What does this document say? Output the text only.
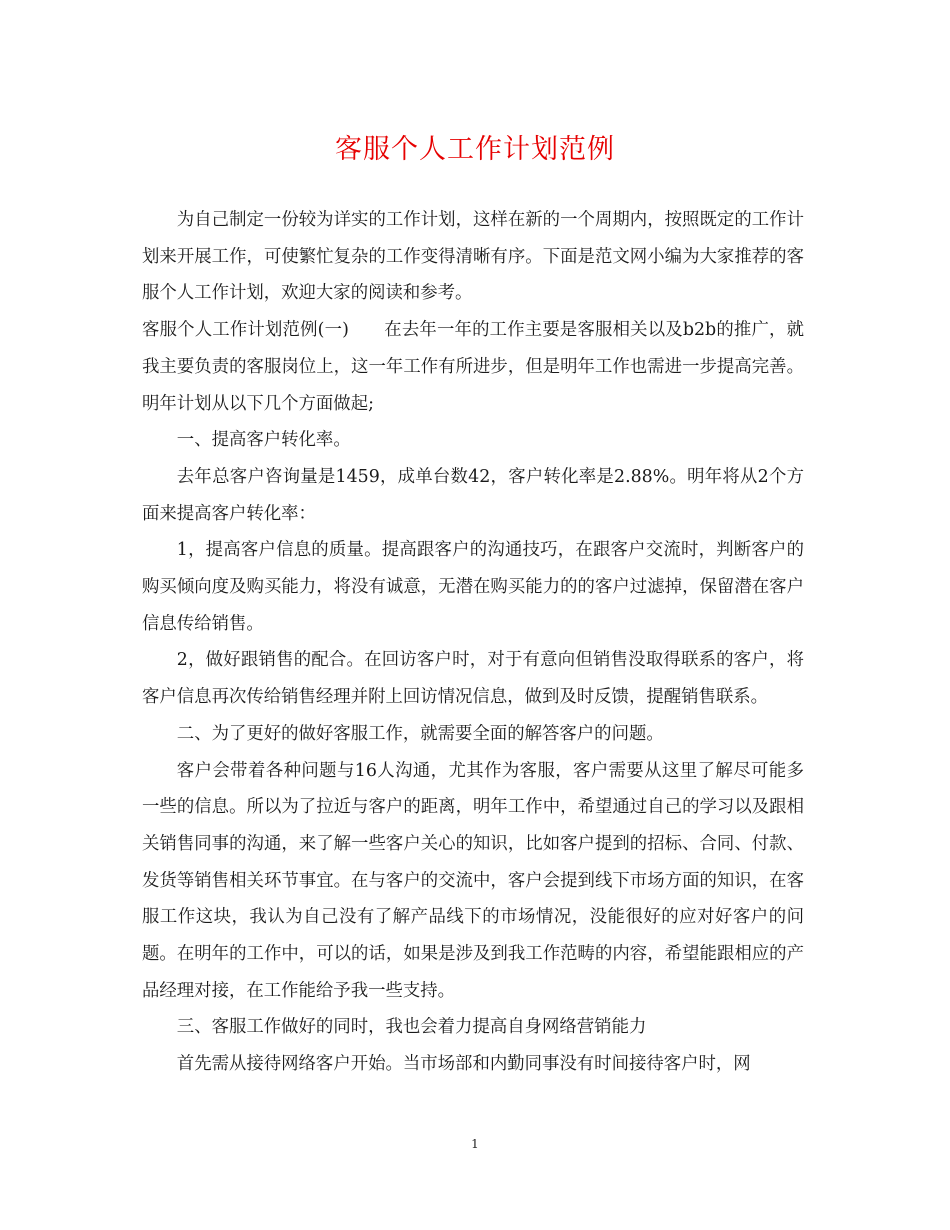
客服个人工作计划范例

为自己制定一份较为详实的工作计划，这样在新的一个周期内，按照既定的工作计划来开展工作，可使繁忙复杂的工作变得清晰有序。下面是范文网小编为大家推荐的客服个人工作计划，欢迎大家的阅读和参考。

客服个人工作计划范例(一)　　在去年一年的工作主要是客服相关以及b2b的推广，就我主要负责的客服岗位上，这一年工作有所进步，但是明年工作也需进一步提高完善。明年计划从以下几个方面做起;

一、提高客户转化率。

去年总客户咨询量是1459，成单台数42，客户转化率是2.88%。明年将从2个方面来提高客户转化率：

1，提高客户信息的质量。提高跟客户的沟通技巧，在跟客户交流时，判断客户的购买倾向度及购买能力，将没有诚意，无潜在购买能力的的客户过滤掉，保留潜在客户信息传给销售。

2，做好跟销售的配合。在回访客户时，对于有意向但销售没取得联系的客户，将客户信息再次传给销售经理并附上回访情况信息，做到及时反馈，提醒销售联系。

二、为了更好的做好客服工作，就需要全面的解答客户的问题。

客户会带着各种问题与16人沟通，尤其作为客服，客户需要从这里了解尽可能多一些的信息。所以为了拉近与客户的距离，明年工作中，希望通过自己的学习以及跟相关销售同事的沟通，来了解一些客户关心的知识，比如客户提到的招标、合同、付款、发货等销售相关环节事宜。在与客户的交流中，客户会提到线下市场方面的知识，在客服工作这块，我认为自己没有了解产品线下的市场情况，没能很好的应对好客户的问题。在明年的工作中，可以的话，如果是涉及到我工作范畴的内容，希望能跟相应的产品经理对接，在工作能给予我一些支持。

三、客服工作做好的同时，我也会着力提高自身网络营销能力

首先需从接待网络客户开始。当市场部和内勤同事没有时间接待客户时，网

1
